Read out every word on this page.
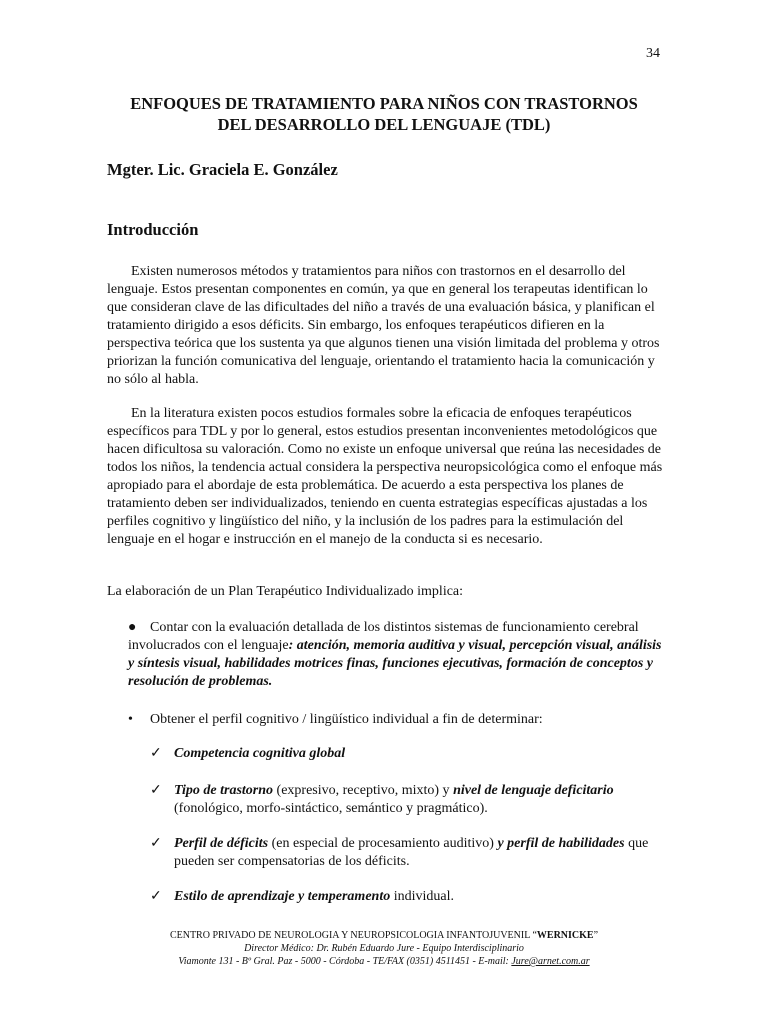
34
ENFOQUES DE TRATAMIENTO PARA NIÑOS CON TRASTORNOS
DEL DESARROLLO DEL LENGUAJE (TDL)
Mgter. Lic. Graciela E. González
Introducción

Existen numerosos métodos y tratamientos para niños con trastornos en el desarrollo del lenguaje. Estos presentan componentes en común, ya que en general los terapeutas identifican lo que consideran clave de las dificultades del niño a través de una evaluación básica, y planifican el tratamiento dirigido a esos déficits. Sin embargo, los enfoques terapéuticos difieren en la perspectiva teórica que los sustenta ya que algunos tienen una visión limitada del problema y otros priorizan la función comunicativa del lenguaje, orientando el tratamiento hacia la comunicación y no sólo al habla.

En la literatura existen pocos estudios formales sobre la eficacia de enfoques terapéuticos específicos para TDL y por lo general, estos estudios presentan inconvenientes metodológicos que hacen dificultosa su valoración. Como no existe un enfoque universal que reúna las necesidades de todos los niños, la tendencia actual considera la perspectiva neuropsicológica como el enfoque más apropiado para el abordaje de esta problemática. De acuerdo a esta perspectiva los planes de tratamiento deben ser individualizados, teniendo en cuenta estrategias específicas ajustadas a los perfiles cognitivo y lingüístico del niño, y la inclusión de los padres para la estimulación del lenguaje en el hogar e instrucción en el manejo de la conducta si es necesario.

La elaboración de un Plan Terapéutico Individualizado implica:

● Contar con la evaluación detallada de los distintos sistemas de funcionamiento cerebral involucrados con el lenguaje: atención, memoria auditiva y visual, percepción visual, análisis y síntesis visual, habilidades motrices finas, funciones ejecutivas, formación de conceptos y resolución de problemas.
• Obtener el perfil cognitivo / lingüístico individual a fin de determinar:
✓ Competencia cognitiva global
✓ Tipo de trastorno (expresivo, receptivo, mixto) y nivel de lenguaje deficitario (fonológico, morfo-sintáctico, semántico y pragmático).
✓ Perfil de déficits (en especial de procesamiento auditivo) y perfil de habilidades que pueden ser compensatorias de los déficits.
✓ Estilo de aprendizaje y temperamento individual.
CENTRO PRIVADO DE NEUROLOGIA Y NEUROPSICOLOGIA INFANTOJUVENIL “WERNICKE”
Director Médico: Dr. Rubén Eduardo Jure - Equipo Interdisciplinario
Viamonte 131 - Bº Gral. Paz - 5000 - Córdoba - TE/FAX (0351) 4511451 - E-mail: Jure@arnet.com.ar
